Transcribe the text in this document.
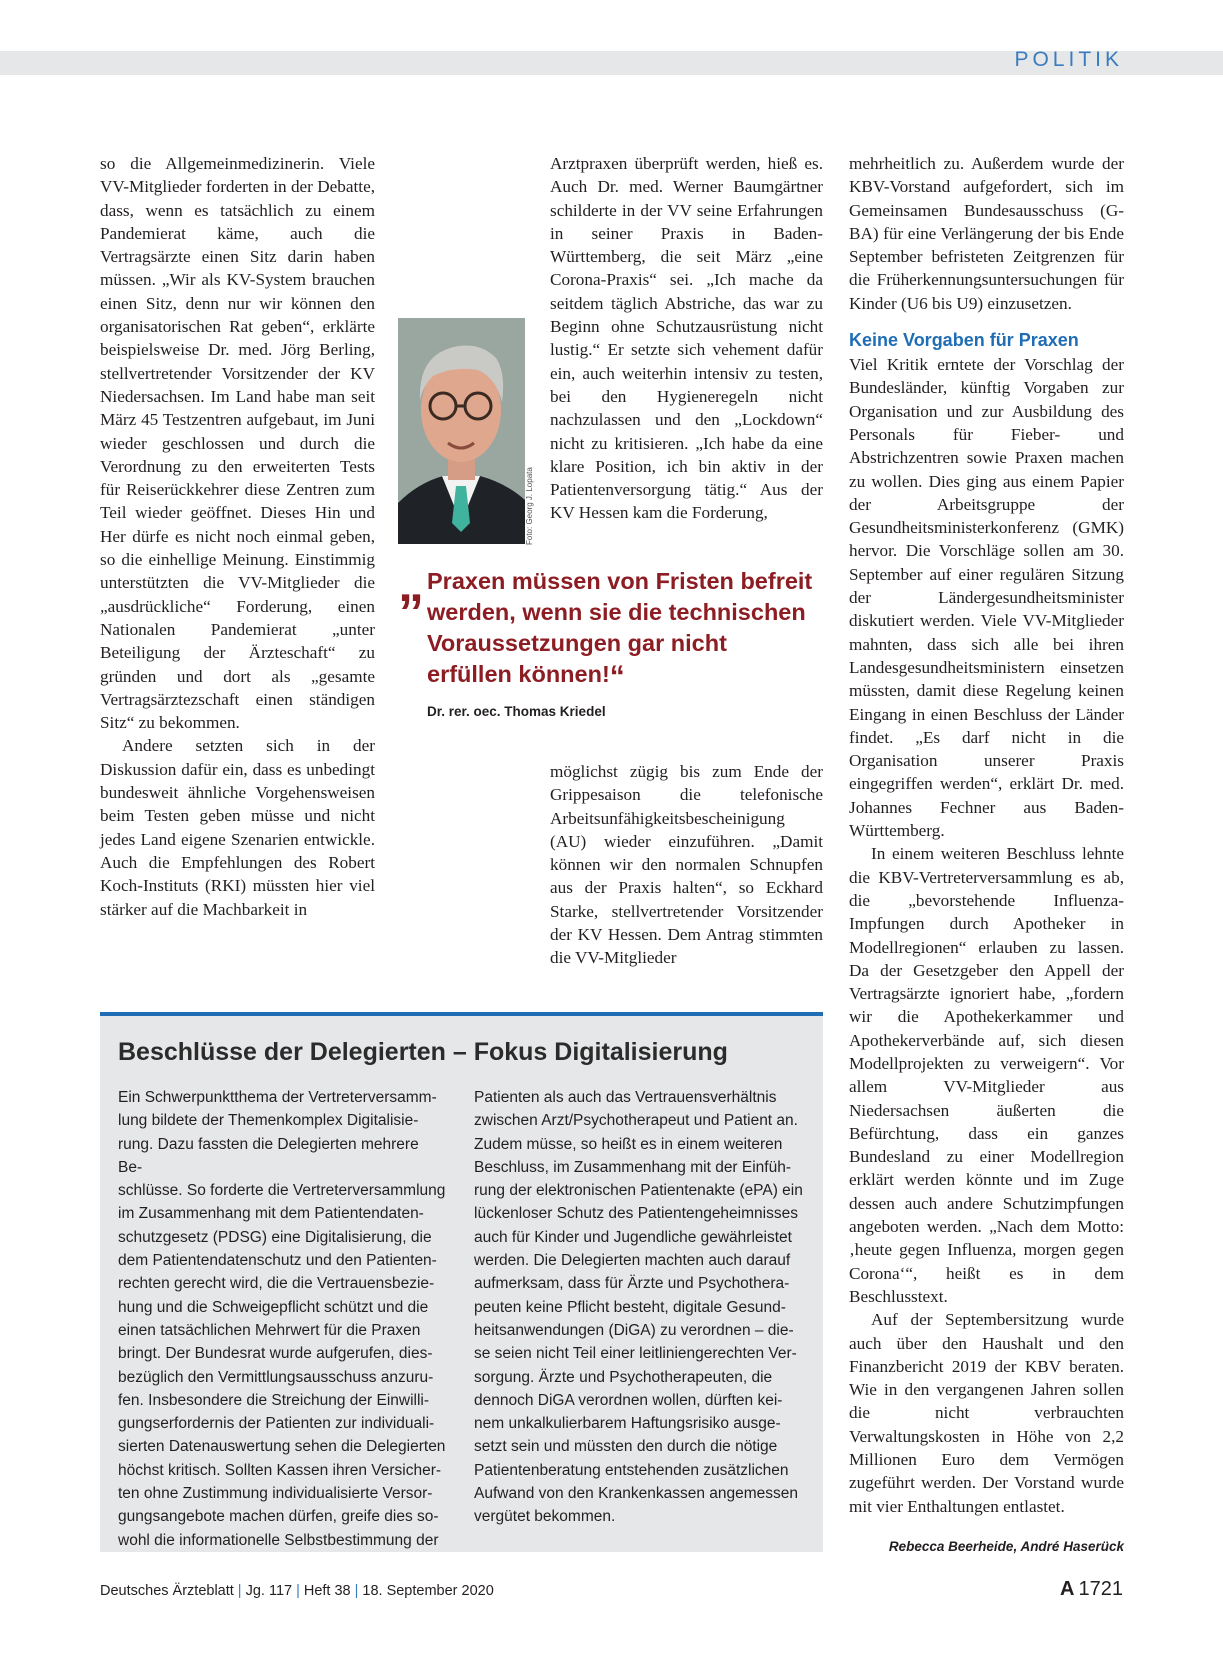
POLITIK

so die Allgemeinmedizinerin. Viele VV-Mitglieder forderten in der Debatte, dass, wenn es tatsächlich zu einem Pandemierat käme, auch die Vertragsärzte einen Sitz darin haben müssen. „Wir als KV-System brauchen einen Sitz, denn nur wir können den organisatorischen Rat geben“, erklärte beispielsweise Dr. med. Jörg Berling, stellvertretender Vorsitzender der KV Niedersachsen. Im Land habe man seit März 45 Testzentren aufgebaut, im Juni wieder geschlossen und durch die Verordnung zu den erweiterten Tests für Reiserückkehrer diese Zentren zum Teil wieder geöffnet. Dieses Hin und Her dürfe es nicht noch einmal geben, so die einhellige Meinung. Einstimmig unterstützten die VV-Mitglieder die „ausdrückliche“ Forderung, einen Nationalen Pandemierat „unter Beteiligung der Ärzteschaft“ zu gründen und dort als „gesamte Vertragsärztezschaft einen ständigen Sitz“ zu bekommen.

Andere setzten sich in der Diskussion dafür ein, dass es unbedingt bundesweit ähnliche Vorgehensweisen beim Testen geben müsse und nicht jedes Land eigene Szenarien entwickle. Auch die Empfehlungen des Robert Koch-Instituts (RKI) müssten hier viel stärker auf die Machbarkeit in

Foto: Georg J. Lopata

Arztpraxen überprüft werden, hieß es. Auch Dr. med. Werner Baumgärtner schilderte in der VV seine Erfahrungen in seiner Praxis in Baden-Württemberg, die seit März „eine Corona-Praxis“ sei. „Ich mache da seitdem täglich Abstriche, das war zu Beginn ohne Schutzausrüstung nicht lustig.“ Er setzte sich vehement dafür ein, auch weiterhin intensiv zu testen, bei den Hygieneregeln nicht nachzulassen und den „Lockdown“ nicht zu kritisieren. „Ich habe da eine klare Position, ich bin aktiv in der Patientenversorgung tätig.“ Aus der KV Hessen kam die Forderung,

„ Praxen müssen von Fristen befreit werden, wenn sie die technischen Voraussetzungen gar nicht erfüllen können!“
Dr. rer. oec. Thomas Kriedel

möglichst zügig bis zum Ende der Grippesaison die telefonische Arbeitsunfähigkeitsbescheinigung (AU) wieder einzuführen. „Damit können wir den normalen Schnupfen aus der Praxis halten“, so Eckhard Starke, stellvertretender Vorsitzender der KV Hessen. Dem Antrag stimmten die VV-Mitglieder

mehrheitlich zu. Außerdem wurde der KBV-Vorstand aufgefordert, sich im Gemeinsamen Bundesausschuss (G-BA) für eine Verlängerung der bis Ende September befristeten Zeitgrenzen für die Früherkennungsuntersuchungen für Kinder (U6 bis U9) einzusetzen.

Keine Vorgaben für Praxen

Viel Kritik erntete der Vorschlag der Bundesländer, künftig Vorgaben zur Organisation und zur Ausbildung des Personals für Fieber- und Abstrichzentren sowie Praxen machen zu wollen. Dies ging aus einem Papier der Arbeitsgruppe der Gesundheitsministerkonferenz (GMK) hervor. Die Vorschläge sollen am 30. September auf einer regulären Sitzung der Ländergesundheitsminister diskutiert werden. Viele VV-Mitglieder mahnten, dass sich alle bei ihren Landesgesundheitsministern einsetzen müssten, damit diese Regelung keinen Eingang in einen Beschluss der Länder findet. „Es darf nicht in die Organisation unserer Praxis eingegriffen werden“, erklärt Dr. med. Johannes Fechner aus Baden-Württemberg.

In einem weiteren Beschluss lehnte die KBV-Vertreterversammlung es ab, die „bevorstehende Influenza-Impfungen durch Apotheker in Modellregionen“ erlauben zu lassen. Da der Gesetzgeber den Appell der Vertragsärzte ignoriert habe, „fordern wir die Apothekerkammer und Apothekerverbände auf, sich diesen Modellprojekten zu verweigern“. Vor allem VV-Mitglieder aus Niedersachsen äußerten die Befürchtung, dass ein ganzes Bundesland zu einer Modellregion erklärt werden könnte und im Zuge dessen auch andere Schutzimpfungen angeboten werden. „Nach dem Motto: ‚heute gegen Influenza, morgen gegen Corona‘“, heißt es in dem Beschlusstext.

Auf der Septembersitzung wurde auch über den Haushalt und den Finanzbericht 2019 der KBV beraten. Wie in den vergangenen Jahren sollen die nicht verbrauchten Verwaltungskosten in Höhe von 2,2 Millionen Euro dem Vermögen zugeführt werden. Der Vorstand wurde mit vier Enthaltungen entlastet.

Rebecca Beerheide, André Haserück
Beschlüsse der Delegierten – Fokus Digitalisierung
Ein Schwerpunktthema der Vertreterversamm-
lung bildete der Themenkomplex Digitalisie-
rung. Dazu fassten die Delegierten mehrere Be-
schlüsse. So forderte die Vertreterversammlung
im Zusammenhang mit dem Patientendaten-
schutzgesetz (PDSG) eine Digitalisierung, die
dem Patientendatenschutz und den Patienten-
rechten gerecht wird, die die Vertrauensbezie-
hung und die Schweigepflicht schützt und die
einen tatsächlichen Mehrwert für die Praxen
bringt. Der Bundesrat wurde aufgerufen, dies-
bezüglich den Vermittlungsausschuss anzuru-
fen. Insbesondere die Streichung der Einwilli-
gungserfordernis der Patienten zur individuali-
sierten Datenauswertung sehen die Delegierten
höchst kritisch. Sollten Kassen ihren Versicher-
ten ohne Zustimmung individualisierte Versor-
gungsangebote machen dürfen, greife dies so-
wohl die informationelle Selbstbestimmung der
Patienten als auch das Vertrauensverhältnis
zwischen Arzt/Psychotherapeut und Patient an.
Zudem müsse, so heißt es in einem weiteren
Beschluss, im Zusammenhang mit der Einfüh-
rung der elektronischen Patientenakte (ePA) ein
lückenloser Schutz des Patientengeheimnisses
auch für Kinder und Jugendliche gewährleistet
werden. Die Delegierten machten auch darauf
aufmerksam, dass für Ärzte und Psychothera-
peuten keine Pflicht besteht, digitale Gesund-
heitsanwendungen (DiGA) zu verordnen – die-
se seien nicht Teil einer leitliniengerechten Ver-
sorgung. Ärzte und Psychotherapeuten, die
dennoch DiGA verordnen wollen, dürften kei-
nem unkalkulierbarem Haftungsrisiko ausge-
setzt sein und müssten den durch die nötige
Patientenberatung entstehenden zusätzlichen
Aufwand von den Krankenkassen angemessen
vergütet bekommen.
Deutsches Ärzteblatt | Jg. 117 | Heft 38 | 18. September 2020	A 1721
